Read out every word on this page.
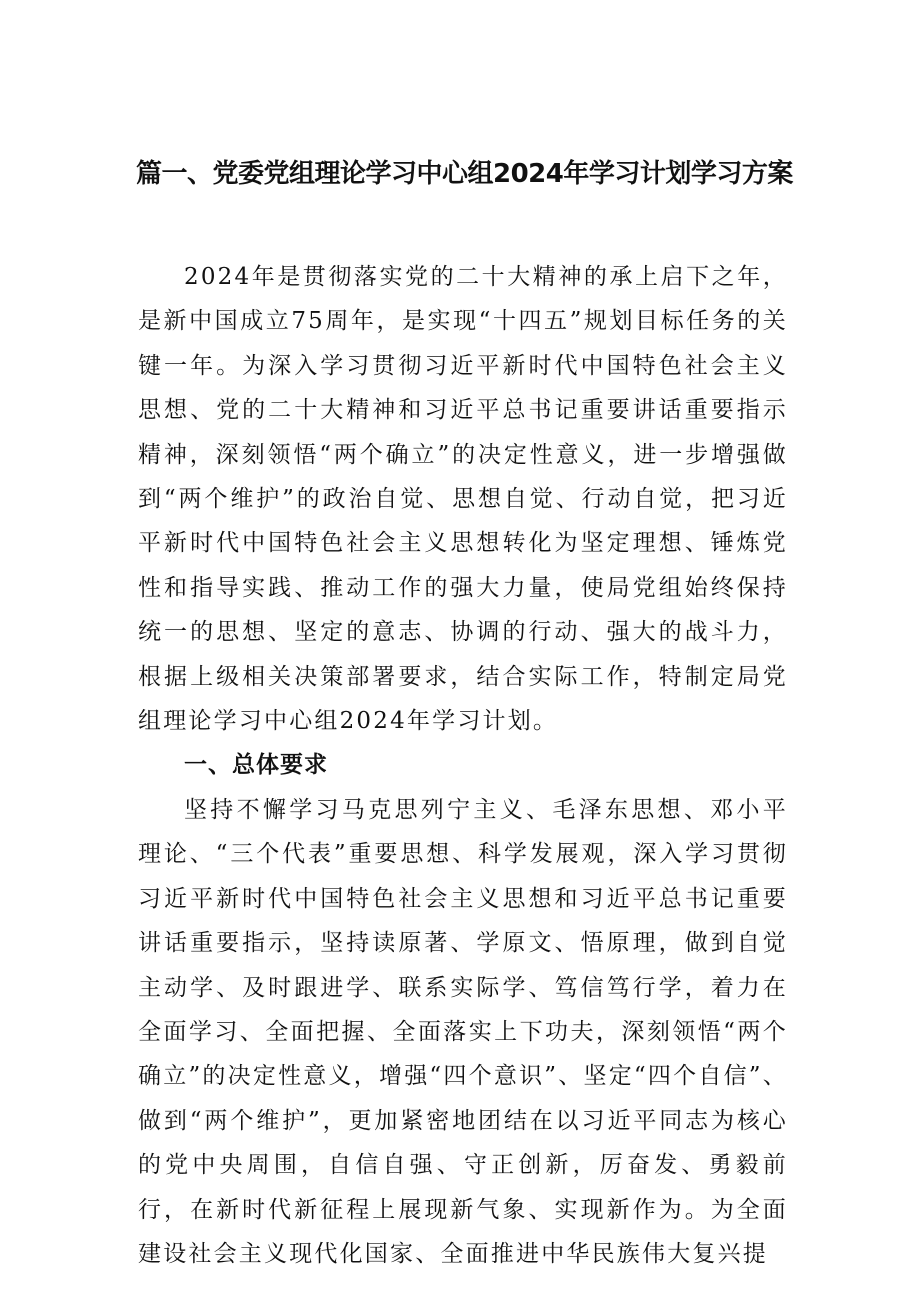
篇一、党委党组理论学习中心组2024年学习计划学习方案

2024年是贯彻落实党的二十大精神的承上启下之年，是新中国成立75周年，是实现“十四五”规划目标任务的关键一年。为深入学习贯彻习近平新时代中国特色社会主义思想、党的二十大精神和习近平总书记重要讲话重要指示精神，深刻领悟“两个确立”的决定性意义，进一步增强做到“两个维护”的政治自觉、思想自觉、行动自觉，把习近平新时代中国特色社会主义思想转化为坚定理想、锤炼党性和指导实践、推动工作的强大力量，使局党组始终保持统一的思想、坚定的意志、协调的行动、强大的战斗力，根据上级相关决策部署要求，结合实际工作，特制定局党组理论学习中心组2024年学习计划。

一、总体要求

坚持不懈学习马克思列宁主义、毛泽东思想、邓小平理论、“三个代表”重要思想、科学发展观，深入学习贯彻习近平新时代中国特色社会主义思想和习近平总书记重要讲话重要指示，坚持读原著、学原文、悟原理，做到自觉主动学、及时跟进学、联系实际学、笃信笃行学，着力在全面学习、全面把握、全面落实上下功夫，深刻领悟“两个确立”的决定性意义，增强“四个意识”、坚定“四个自信”、做到“两个维护”，更加紧密地团结在以习近平同志为核心的党中央周围，自信自强、守正创新，厉奋发、勇毅前行，在新时代新征程上展现新气象、实现新作为。为全面建设社会主义现代化国家、全面推进中华民族伟大复兴提
